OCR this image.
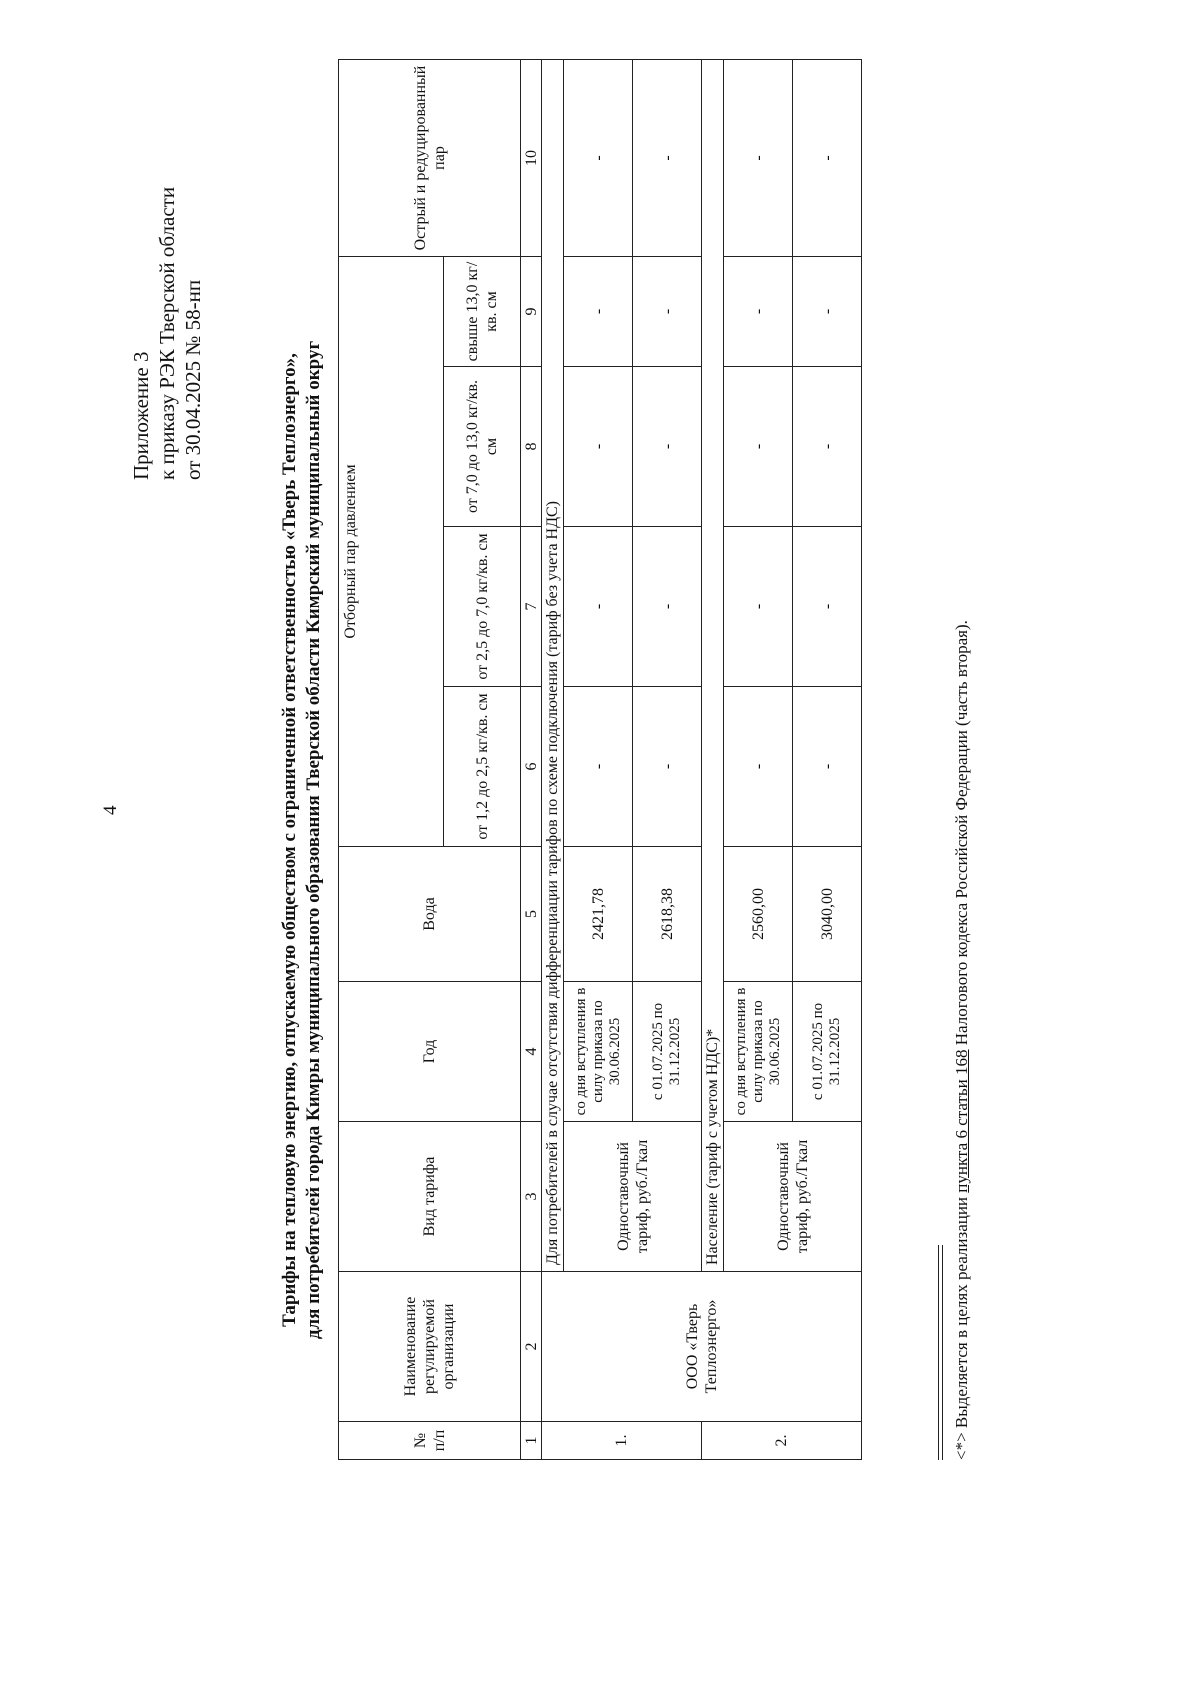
4
Приложение 3 к приказу РЭК Тверской области от 30.04.2025 № 58-нп	Тарифы на тепловую энергию, отпускаемую обществом с ограниченной ответственностью «Тверь Теплоэнерго», для потребителей города Кимры муниципального образования Тверской области Кимрский муниципальный округ
№ п/п	Наименование регулируемой организации	Вид тарифа	Год	Вода	Отборный пар давлением				Острый и редуцированный пар
					от 1,2 до 2,5 кг/кв. см	от 2,5 до 7,0 кг/кв. см	от 7,0 до 13,0 кг/кв. см	свыше 13,0 кг/кв. см	
1	2	3	4	5	6	7	8	9	10
1.	ООО «Тверь Теплоэнерго»	Для потребителей в случае отсутствия дифференциации тарифов по схеме подключения (тариф без учета НДС)							
		Одноставочный тариф, руб./Гкал	со дня вступления в силу приказа по 30.06.2025	2421,78	-	-	-	-	-
			с 01.07.2025 по 31.12.2025	2618,38	-	-	-	-	-
2.		Население (тариф с учетом НДС)*							
		Одноставочный тариф, руб./Гкал	со дня вступления в силу приказа по 30.06.2025	2560,00	-	-	-	-	-
			с 01.07.2025 по 31.12.2025	3040,00	-	-	-	-	-
<*> Выделяется в целях реализации пункта 6 статьи 168 Налогового кодекса Российской Федерации (часть вторая).
